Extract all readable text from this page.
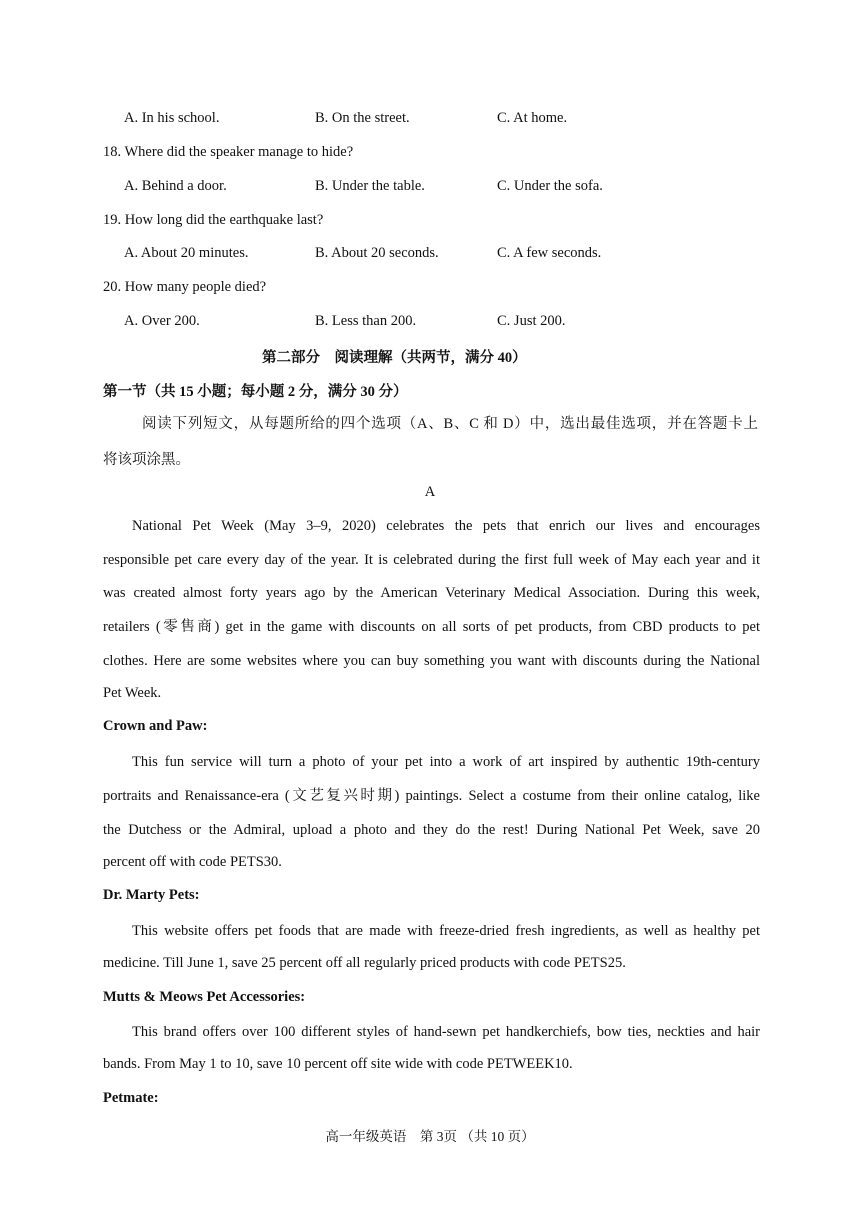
A. In his school.	B. On the street.	C. At home.
18. Where did the speaker manage to hide?
A. Behind a door.	B. Under the table.	C. Under the sofa.
19. How long did the earthquake last?
A. About 20 minutes.	B. About 20 seconds.	C. A few seconds.
20. How many people died?
A. Over 200.	B. Less than 200.	C. Just 200.
第二部分　阅读理解（共两节，满分 40）
第一节（共 15 小题；每小题 2 分，满分 30 分）
阅读下列短文，从每题所给的四个选项（A、B、C 和 D）中，选出最佳选项，并在答题卡上
将该项涂黑。
A
National Pet Week (May 3–9, 2020) celebrates the pets that enrich our lives and encourages
responsible pet care every day of the year. It is celebrated during the first full week of May each year and it
was created almost forty years ago by the American Veterinary Medical Association. During this week,
retailers (零售商) get in the game with discounts on all sorts of pet products, from CBD products to pet
clothes. Here are some websites where you can buy something you want with discounts during the National
Pet Week.
Crown and Paw:
This fun service will turn a photo of your pet into a work of art inspired by authentic 19th-century
portraits and Renaissance-era (文艺复兴时期) paintings. Select a costume from their online catalog, like
the Dutchess or the Admiral, upload a photo and they do the rest! During National Pet Week, save 20
percent off with code PETS30.
Dr. Marty Pets:
This website offers pet foods that are made with freeze-dried fresh ingredients, as well as healthy pet
medicine. Till June 1, save 25 percent off all regularly priced products with code PETS25.
Mutts & Meows Pet Accessories:
This brand offers over 100 different styles of hand-sewn pet handkerchiefs, bow ties, neckties and hair
bands. From May 1 to 10, save 10 percent off site wide with code PETWEEK10.
Petmate:
高一年级英语　第 3页 （共 10 页）
